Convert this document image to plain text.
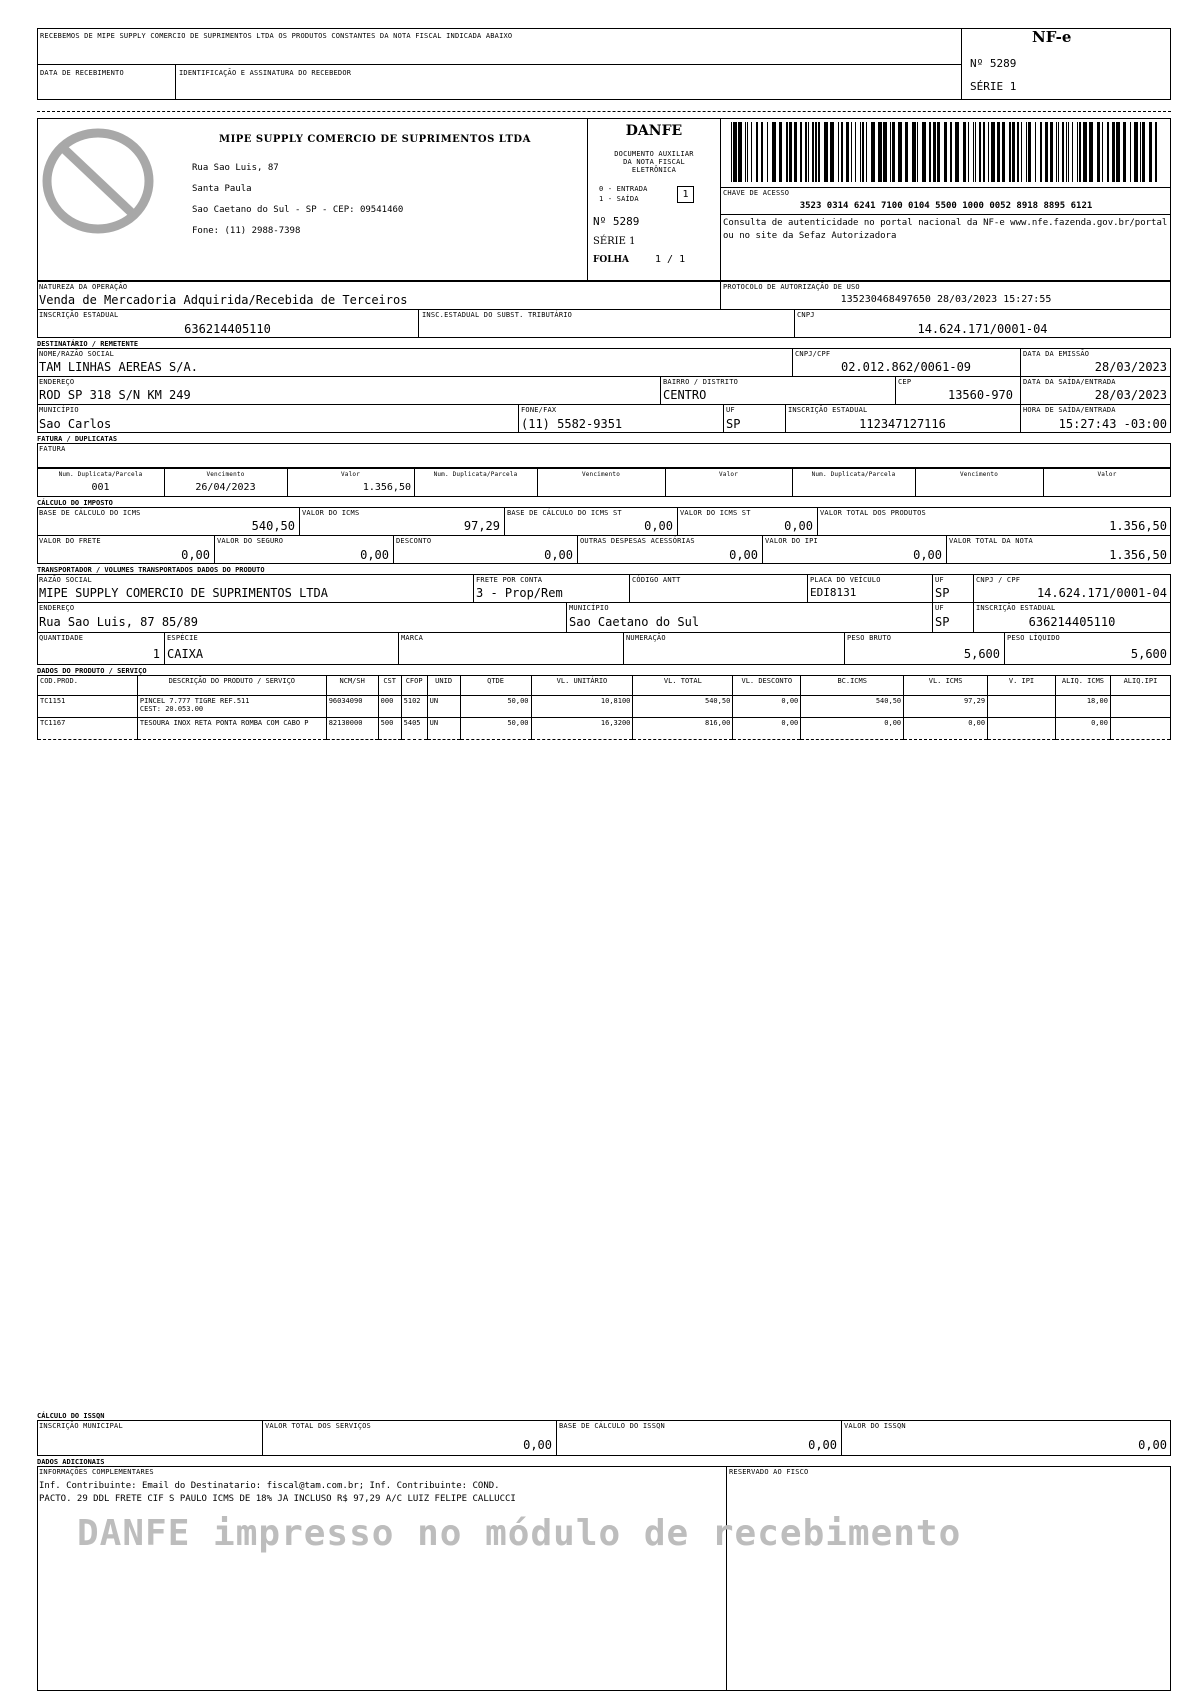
RECEBEMOS DE MIPE SUPPLY COMERCIO DE SUPRIMENTOS LTDA OS PRODUTOS CONSTANTES DA NOTA FISCAL INDICADA ABAIXO
DATA DE RECEBIMENTO	IDENTIFICAÇÃO E ASSINATURA DO RECEBEDOR
NF-e
Nº 5289
SÉRIE 1
MIPE SUPPLY COMERCIO DE SUPRIMENTOS LTDA
Rua Sao Luis, 87
Santa Paula
Sao Caetano do Sul - SP - CEP: 09541460
Fone: (11) 2988-7398
DANFE
DOCUMENTO AUXILIAR
DA NOTA FISCAL
ELETRÔNICA
0 - ENTRADA
1 - SAÍDA	1
Nº 5289
SÉRIE 1
FOLHA	1 / 1
CHAVE DE ACESSO
3523 0314 6241 7100 0104 5500 1000 0052 8918 8895 6121
Consulta de autenticidade no portal nacional da NF-e www.nfe.fazenda.gov.br/portal ou no site da Sefaz Autorizadora
NATUREZA DA OPERAÇÃO
Venda de Mercadoria Adquirida/Recebida de Terceiros
PROTOCOLO DE AUTORIZAÇÃO DE USO
135230468497650 28/03/2023 15:27:55
INSCRIÇÃO ESTADUAL
636214405110
INSC.ESTADUAL DO SUBST. TRIBUTÁRIO	CNPJ
14.624.171/0001-04
DESTINATÁRIO / REMETENTE
NOME/RAZÃO SOCIAL
TAM LINHAS AEREAS S/A.
CNPJ/CPF
02.012.862/0061-09
DATA DA EMISSÃO
28/03/2023
ENDEREÇO
ROD SP 318 S/N KM 249
BAIRRO / DISTRITO
CENTRO
CEP
13560-970
DATA DA SAÍDA/ENTRADA
28/03/2023
MUNICÍPIO
Sao Carlos
FONE/FAX
(11) 5582-9351
UF
SP
INSCRIÇÃO ESTADUAL
112347127116
HORA DE SAÍDA/ENTRADA
15:27:43 -03:00
FATURA / DUPLICATAS
FATURA
Num. Duplicata/Parcela	Vencimento	Valor	Num. Duplicata/Parcela	Vencimento	Valor	Num. Duplicata/Parcela	Vencimento	Valor
001	26/04/2023	1.356,50
CÁLCULO DO IMPOSTO
BASE DE CÁLCULO DO ICMS
540,50
VALOR DO ICMS
97,29
BASE DE CÁLCULO DO ICMS ST
0,00
VALOR DO ICMS ST
0,00
VALOR TOTAL DOS PRODUTOS
1.356,50
VALOR DO FRETE
0,00
VALOR DO SEGURO
0,00
DESCONTO
0,00
OUTRAS DESPESAS ACESSÓRIAS
0,00
VALOR DO IPI
0,00
VALOR TOTAL DA NOTA
1.356,50
TRANSPORTADOR / VOLUMES TRANSPORTADOS DADOS DO PRODUTO
RAZÃO SOCIAL
MIPE SUPPLY COMERCIO DE SUPRIMENTOS LTDA
FRETE POR CONTA
3 - Prop/Rem
CÓDIGO ANTT	PLACA DO VEÍCULO
EDI8131
UF
SP
CNPJ / CPF
14.624.171/0001-04
ENDEREÇO
Rua Sao Luis, 87 85/89
MUNICÍPIO
Sao Caetano do Sul
UF
SP
INSCRIÇÃO ESTADUAL
636214405110
QUANTIDADE
1
ESPÉCIE
CAIXA
MARCA	NUMERAÇÃO	PESO BRUTO
5,600
PESO LÍQUIDO
5,600
DADOS DO PRODUTO / SERVIÇO
COD.PROD.	DESCRIÇÃO DO PRODUTO / SERVIÇO	NCM/SH	CST	CFOP	UNID	QTDE	VL. UNITÁRIO	VL. TOTAL	VL. DESCONTO	BC.ICMS	VL. ICMS	V. IPI	ALIQ. ICMS	ALIQ.IPI
TC1151	PINCEL 7.777 TIGRE REF.511
CEST: 20.053.00	96034090	000	5102	UN	50,00	10,8100	540,50	0,00	540,50	97,29		18,00	
TC1167	TESOURA INOX RETA PONTA ROMBA COM CABO P	82130000	500	5405	UN	50,00	16,3200	816,00	0,00	0,00	0,00		0,00	
CÁLCULO DO ISSQN
INSCRIÇÃO MUNICIPAL	VALOR TOTAL DOS SERVIÇOS
0,00
BASE DE CÁLCULO DO ISSQN
0,00
VALOR DO ISSQN
0,00
DADOS ADICIONAIS
INFORMAÇÕES COMPLEMENTARES
Inf. Contribuinte: Email do Destinatario: fiscal@tam.com.br; Inf. Contribuinte: COND.
PACTO. 29 DDL FRETE CIF S PAULO ICMS DE 18% JA INCLUSO R$ 97,29 A/C LUIZ FELIPE CALLUCCI
RESERVADO AO FISCO
DANFE impresso no módulo de recebimento
